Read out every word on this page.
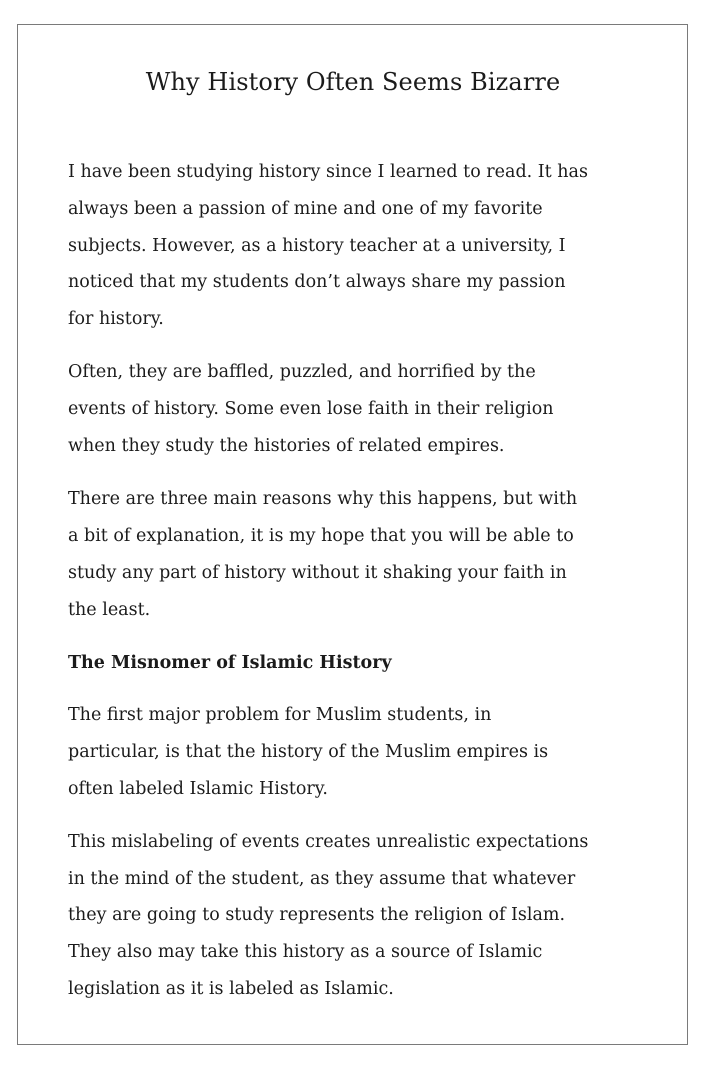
Why History Often Seems Bizarre

I have been studying history since I learned to read. It has
always been a passion of mine and one of my favorite
subjects. However, as a history teacher at a university, I
noticed that my students don’t always share my passion
for history.

Often, they are baffled, puzzled, and horrified by the
events of history. Some even lose faith in their religion
when they study the histories of related empires.

There are three main reasons why this happens, but with
a bit of explanation, it is my hope that you will be able to
study any part of history without it shaking your faith in
the least.

The Misnomer of Islamic History

The first major problem for Muslim students, in
particular, is that the history of the Muslim empires is
often labeled Islamic History.

This mislabeling of events creates unrealistic expectations
in the mind of the student, as they assume that whatever
they are going to study represents the religion of Islam.
They also may take this history as a source of Islamic
legislation as it is labeled as Islamic.
